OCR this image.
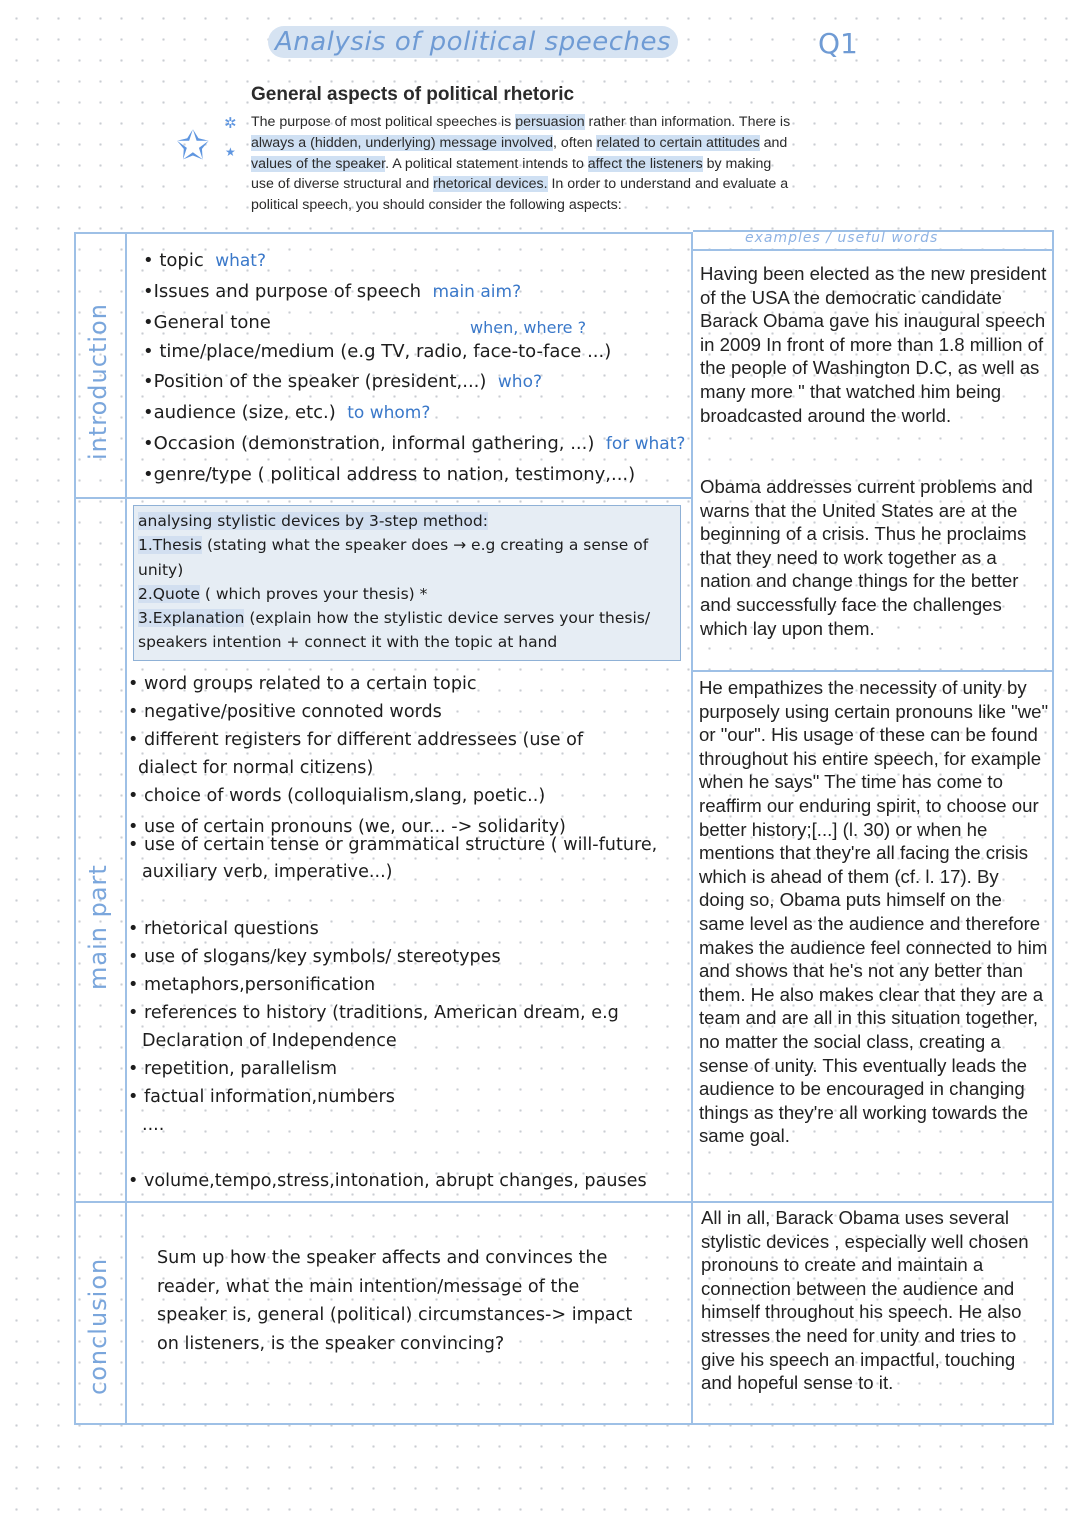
Analysis of political speeches	Q1
✩ ✲
★
General aspects of political rhetoric
The purpose of most political speeches is persuasion rather than information. There is always a (hidden, underlying) message involved, often related to certain attitudes and values of the speaker. A political statement intends to affect the listeners by making use of diverse structural and rhetorical devices. In order to understand and evaluate a political speech, you should consider the following aspects:
introduction
main part
conclusion
examples / useful words
• topic what?
•Issues and purpose of speech main aim?
•General tone	when, where ?
• time/place/medium (e.g TV, radio, face-to-face ...)
•Position of the speaker (president,...) who?
•audience (size, etc.) to whom?
•Occasion (demonstration, informal gathering, ...) for what?
•genre/type ( political address to nation, testimony,...)
analysing stylistic devices by 3-step method:
1.Thesis (stating what the speaker does → e.g creating a sense of
unity)
2.Quote ( which proves your thesis) *
3.Explanation (explain how the stylistic device serves your thesis/
speakers intention + connect it with the topic at hand
• word groups related to a certain topic
• negative/positive connoted words
• different registers for different addressees (use of
dialect for normal citizens)
• choice of words (colloquialism,slang, poetic..)
• use of certain pronouns (we, our... -> solidarity)
• use of certain tense or grammatical structure ( will-future,
auxiliary verb, imperative...)
• rhetorical questions
• use of slogans/key symbols/ stereotypes
• metaphors,personification
• references to history (traditions, American dream, e.g
Declaration of Independence
• repetition, parallelism
• factual information,numbers
....
• volume,tempo,stress,intonation, abrupt changes, pauses
Sum up how the speaker affects and convinces the reader, what the main intention/message of the speaker is, general (political) circumstances-> impact on listeners, is the speaker convincing?
Having been elected as the new president of the USA the democratic candidate Barack Obama gave his inaugural speech in 2009 In front of more than 1.8 million of the people of Washington D.C, as well as many more " that watched him being broadcasted around the world.
Obama addresses current problems and warns that the United States are at the beginning of a crisis. Thus he proclaims that they need to work together as a nation and change things for the better and successfully face the challenges which lay upon them.
He empathizes the necessity of unity by purposely using certain pronouns like "we" or "our". His usage of these can be found throughout his entire speech, for example when he says" The time has come to reaffirm our enduring spirit, to choose our better history;[...] (l. 30) or when he mentions that they're all facing the crisis which is ahead of them (cf. l. 17). By doing so, Obama puts himself on the same level as the audience and therefore makes the audience feel connected to him and shows that he's not any better than them. He also makes clear that they are a team and are all in this situation together, no matter the social class, creating a sense of unity. This eventually leads the audience to be encouraged in changing things as they're all working towards the same goal.
All in all, Barack Obama uses several stylistic devices , especially well chosen pronouns to create and maintain a connection between the audience and himself throughout his speech. He also stresses the need for unity and tries to give his speech an impactful, touching and hopeful sense to it.
